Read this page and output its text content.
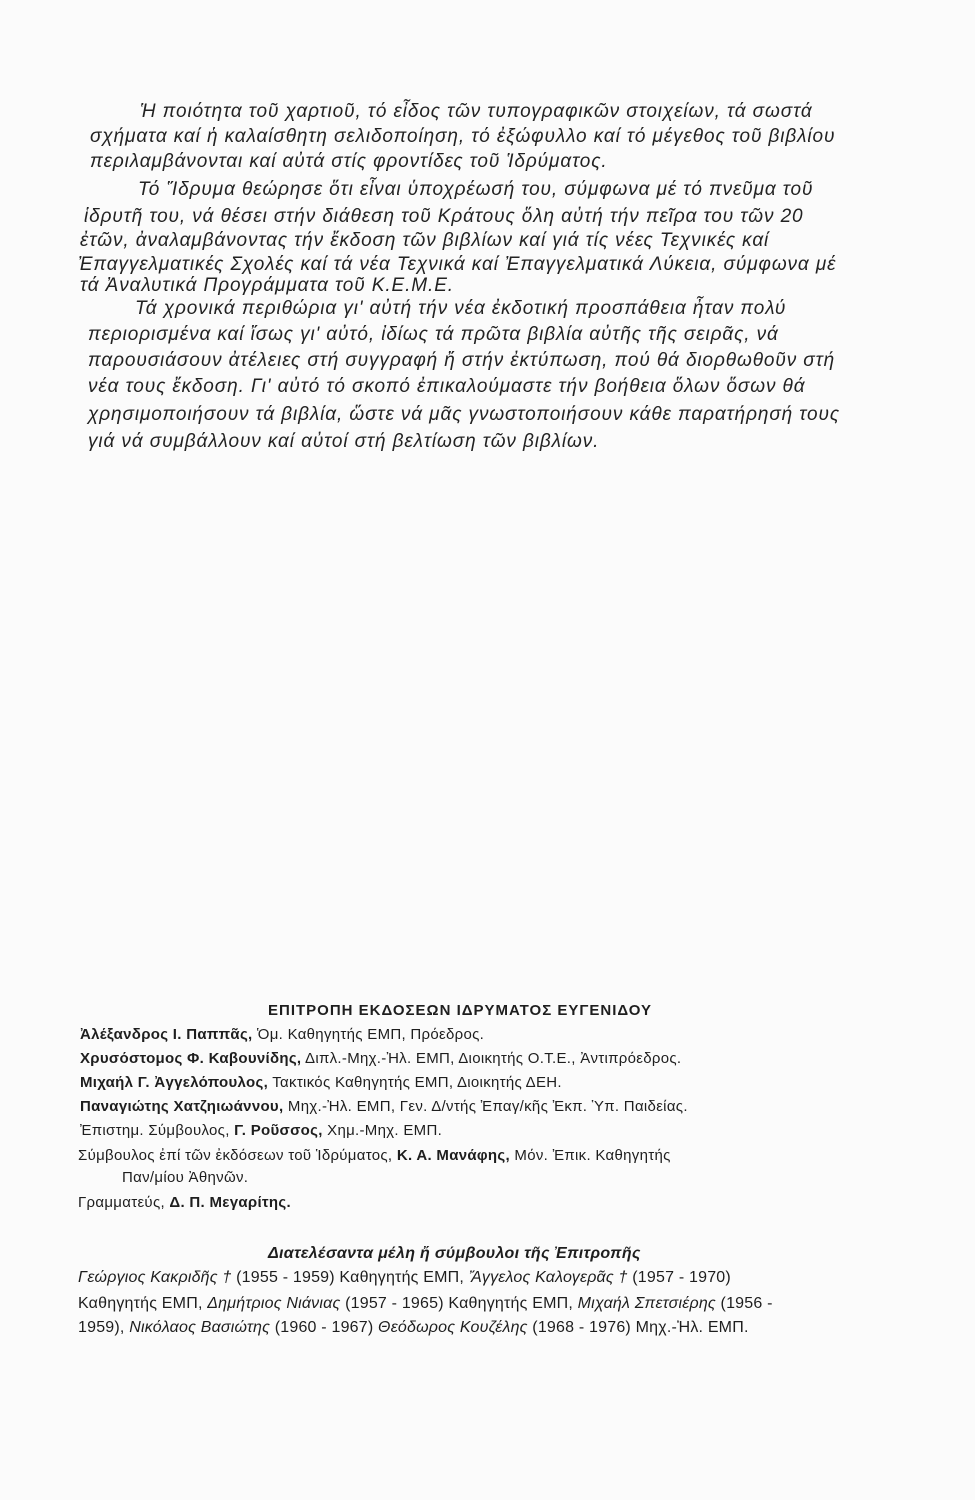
Ἡ ποιότητα τοῦ χαρτιοῦ, τό εἶδος τῶν τυπογραφικῶν στοιχείων, τά σωστά
σχήματα καί ἡ καλαίσθητη σελιδοποίηση, τό ἐξώφυλλο καί τό μέγεθος τοῦ βιβλίου
περιλαμβάνονται καί αὐτά στίς φροντίδες τοῦ Ἱδρύματος.
Τό Ἵδρυμα θεώρησε ὅτι εἶναι ὑποχρέωσή του, σύμφωνα μέ τό πνεῦμα τοῦ
ἱδρυτῆ του, νά θέσει στήν διάθεση τοῦ Κράτους ὅλη αὐτή τήν πεῖρα του τῶν 20
ἐτῶν, ἀναλαμβάνοντας τήν ἔκδοση τῶν βιβλίων καί γιά τίς νέες Τεχνικές καί
Ἐπαγγελματικές Σχολές καί τά νέα Τεχνικά καί Ἐπαγγελματικά Λύκεια, σύμφωνα μέ
τά Ἀναλυτικά Προγράμματα τοῦ Κ.Ε.Μ.Ε.
Τά χρονικά περιθώρια γι' αὐτή τήν νέα ἐκδοτική προσπάθεια ἦταν πολύ
περιορισμένα καί ἴσως γι' αὐτό, ἰδίως τά πρῶτα βιβλία αὐτῆς τῆς σειρᾶς, νά
παρουσιάσουν ἀτέλειες στή συγγραφή ἤ στήν ἐκτύπωση, πού θά διορθωθοῦν στή
νέα τους ἔκδοση. Γι' αὐτό τό σκοπό ἐπικαλούμαστε τήν βοήθεια ὅλων ὅσων θά
χρησιμοποιήσουν τά βιβλία, ὥστε νά μᾶς γνωστοποιήσουν κάθε παρατήρησή τους
γιά νά συμβάλλουν καί αὐτοί στή βελτίωση τῶν βιβλίων.
ΕΠΙΤΡΟΠΗ ΕΚΔΟΣΕΩΝ ΙΔΡΥΜΑΤΟΣ ΕΥΓΕΝΙΔΟΥ
Ἀλέξανδρος Ι. Παππᾶς, Ὁμ. Καθηγητής ΕΜΠ, Πρόεδρος.
Χρυσόστομος Φ. Καβουνίδης, Διπλ.-Μηχ.-Ἠλ. ΕΜΠ, Διοικητής Ο.Τ.Ε., Ἀντιπρόεδρος.
Μιχαήλ Γ. Ἀγγελόπουλος, Τακτικός Καθηγητής ΕΜΠ, Διοικητής ΔΕΗ.
Παναγιώτης Χατζηιωάννου, Μηχ.-Ἠλ. ΕΜΠ, Γεν. Δ/ντής Ἐπαγ/κῆς Ἐκπ. Ὑπ. Παιδείας.
Ἐπιστημ. Σύμβουλος, Γ. Ροῦσσος, Χημ.-Μηχ. ΕΜΠ.
Σύμβουλος ἐπί τῶν ἐκδόσεων τοῦ Ἱδρύματος, Κ. Α. Μανάφης, Μόν. Ἐπικ. Καθηγητής
Παν/μίου Ἀθηνῶν.
Γραμματεύς, Δ. Π. Μεγαρίτης.
Διατελέσαντα μέλη ἤ σύμβουλοι τῆς Ἐπιτροπῆς
Γεώργιος Κακριδῆς † (1955 - 1959) Καθηγητής ΕΜΠ, Ἄγγελος Καλογερᾶς † (1957 - 1970)
Καθηγητής ΕΜΠ, Δημήτριος Νιάνιας (1957 - 1965) Καθηγητής ΕΜΠ, Μιχαήλ Σπετσιέρης (1956 -
1959), Νικόλαος Βασιώτης (1960 - 1967) Θεόδωρος Κουζέλης (1968 - 1976) Μηχ.-Ἠλ. ΕΜΠ.
